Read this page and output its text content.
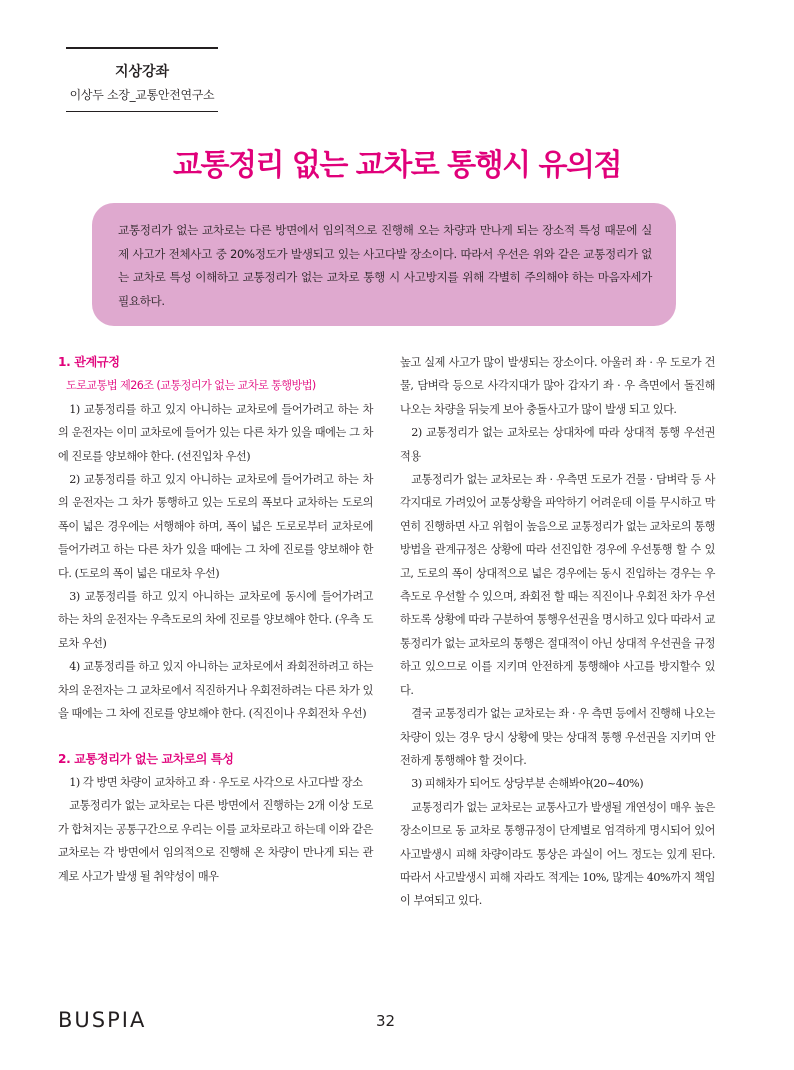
지상강좌
이상두 소장_교통안전연구소
교통정리 없는 교차로 통행시 유의점
교통정리가 없는 교차로는 다른 방면에서 임의적으로 진행해 오는 차량과 만나게 되는 장소적 특성 때문에 실제 사고가 전체사고 중 20%정도가 발생되고 있는 사고다발 장소이다. 따라서 우선은 위와 같은 교통정리가 없는 교차로 특성 이해하고 교통정리가 없는 교차로 통행 시 사고방지를 위해 각별히 주의해야 하는 마음자세가 필요하다.
1. 관계규정
도로교통법 제26조 (교통정리가 없는 교차로 통행방법)

1) 교통정리를 하고 있지 아니하는 교차로에 들어가려고 하는 차의 운전자는 이미 교차로에 들어가 있는 다른 차가 있을 때에는 그 차에 진로를 양보해야 한다. (선진입차 우선)

2) 교통정리를 하고 있지 아니하는 교차로에 들어가려고 하는 차의 운전자는 그 차가 통행하고 있는 도로의 폭보다 교차하는 도로의 폭이 넓은 경우에는 서행해야 하며, 폭이 넓은 도로로부터 교차로에 들어가려고 하는 다른 차가 있을 때에는 그 차에 진로를 양보해야 한다. (도로의 폭이 넓은 대로차 우선)

3) 교통정리를 하고 있지 아니하는 교차로에 동시에 들어가려고 하는 차의 운전자는 우측도로의 차에 진로를 양보해야 한다. (우측 도로차 우선)

4) 교통정리를 하고 있지 아니하는 교차로에서 좌회전하려고 하는 차의 운전자는 그 교차로에서 직진하거나 우회전하려는 다른 차가 있을 때에는 그 차에 진로를 양보해야 한다. (직진이나 우회전차 우선)

2. 교통정리가 없는 교차로의 특성

1) 각 방면 차량이 교차하고 좌 · 우도로 사각으로 사고다발 장소

교통정리가 없는 교차로는 다른 방면에서 진행하는 2개 이상 도로가 합쳐지는 공통구간으로 우리는 이를 교차로라고 하는데 이와 같은 교차로는 각 방면에서 임의적으로 진행해 온 차량이 만나게 되는 관계로 사고가 발생 될 취약성이 매우

높고 실제 사고가 많이 발생되는 장소이다. 아울러 좌 · 우 도로가 건물, 담벼락 등으로 사각지대가 많아 갑자기 좌 · 우 측면에서 돌진해 나오는 차량을 뒤늦게 보아 충돌사고가 많이 발생 되고 있다.

2) 교통정리가 없는 교차로는 상대차에 따라 상대적 통행 우선권 적용

교통정리가 없는 교차로는 좌 · 우측면 도로가 건물 · 담벼락 등 사각지대로 가려있어 교통상황을 파악하기 어려운데 이를 무시하고 막연히 진행하면 사고 위험이 높음으로 교통정리가 없는 교차로의 통행방법을 관계규정은 상황에 따라 선진입한 경우에 우선통행 할 수 있고, 도로의 폭이 상대적으로 넓은 경우에는 동시 진입하는 경우는 우측도로 우선할 수 있으며, 좌회전 할 때는 직진이나 우회전 차가 우선하도록 상황에 따라 구분하여 통행우선권을 명시하고 있다 따라서 교통정리가 없는 교차로의 통행은 절대적이 아닌 상대적 우선권을 규정하고 있으므로 이를 지키며 안전하게 통행해야 사고를 방지할수 있다.

결국 교통정리가 없는 교차로는 좌 · 우 측면 등에서 진행해 나오는 차량이 있는 경우 당시 상황에 맞는 상대적 통행 우선권을 지키며 안전하게 통행해야 할 것이다.

3) 피해차가 되어도 상당부분 손해봐야(20~40%)

교통정리가 없는 교차로는 교통사고가 발생될 개연성이 매우 높은 장소이므로 동 교차로 통행규정이 단계별로 엄격하게 명시되어 있어 사고발생시 피해 차량이라도 통상은 과실이 어느 정도는 있게 된다. 따라서 사고발생시 피해 자라도 적게는 10%, 많게는 40%까지 책임이 부여되고 있다.

BUSPIA	32
